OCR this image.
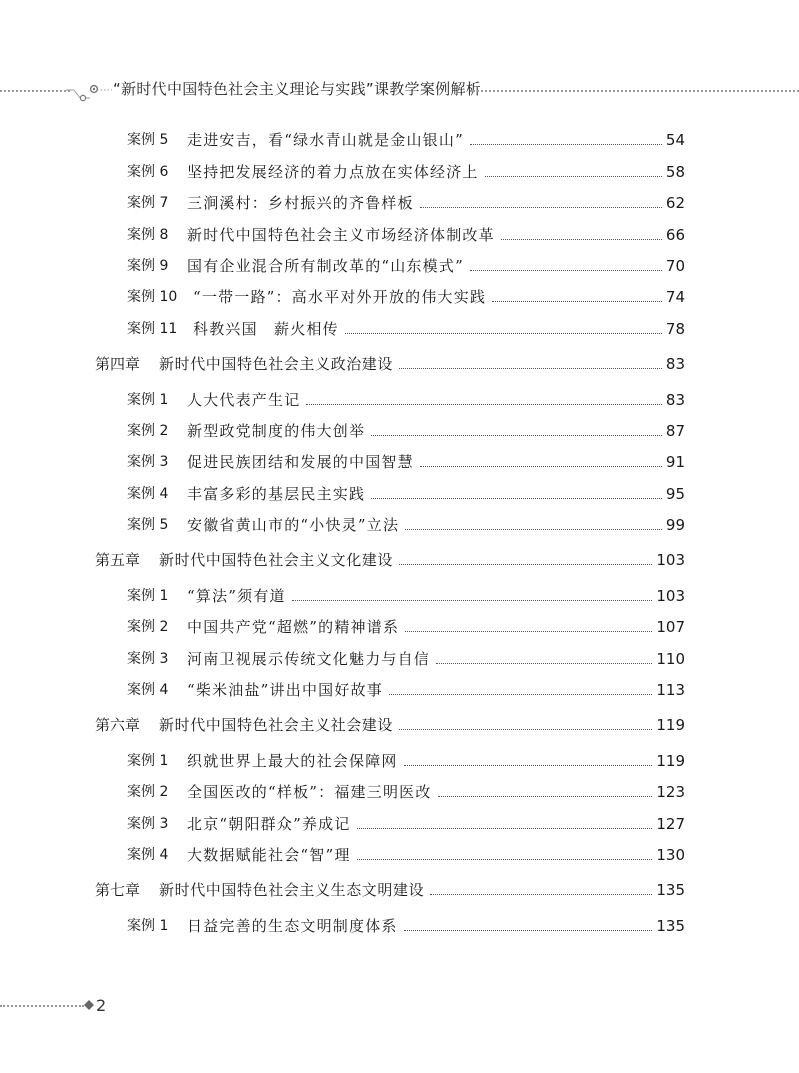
“新时代中国特色社会主义理论与实践”课教学案例解析
案例 5	走进安吉，看“绿水青山就是金山银山”	54
案例 6	坚持把发展经济的着力点放在实体经济上	58
案例 7	三涧溪村：乡村振兴的齐鲁样板	62
案例 8	新时代中国特色社会主义市场经济体制改革	66
案例 9	国有企业混合所有制改革的“山东模式”	70
案例 10	“一带一路”：高水平对外开放的伟大实践	74
案例 11	科教兴国　薪火相传	78
第四章	新时代中国特色社会主义政治建设	83
案例 1	人大代表产生记	83
案例 2	新型政党制度的伟大创举	87
案例 3	促进民族团结和发展的中国智慧	91
案例 4	丰富多彩的基层民主实践	95
案例 5	安徽省黄山市的“小快灵”立法	99
第五章	新时代中国特色社会主义文化建设	103
案例 1	“算法”须有道	103
案例 2	中国共产党“超燃”的精神谱系	107
案例 3	河南卫视展示传统文化魅力与自信	110
案例 4	“柴米油盐”讲出中国好故事	113
第六章	新时代中国特色社会主义社会建设	119
案例 1	织就世界上最大的社会保障网	119
案例 2	全国医改的“样板”：福建三明医改	123
案例 3	北京“朝阳群众”养成记	127
案例 4	大数据赋能社会“智”理	130
第七章	新时代中国特色社会主义生态文明建设	135
案例 1	日益完善的生态文明制度体系	135
2
